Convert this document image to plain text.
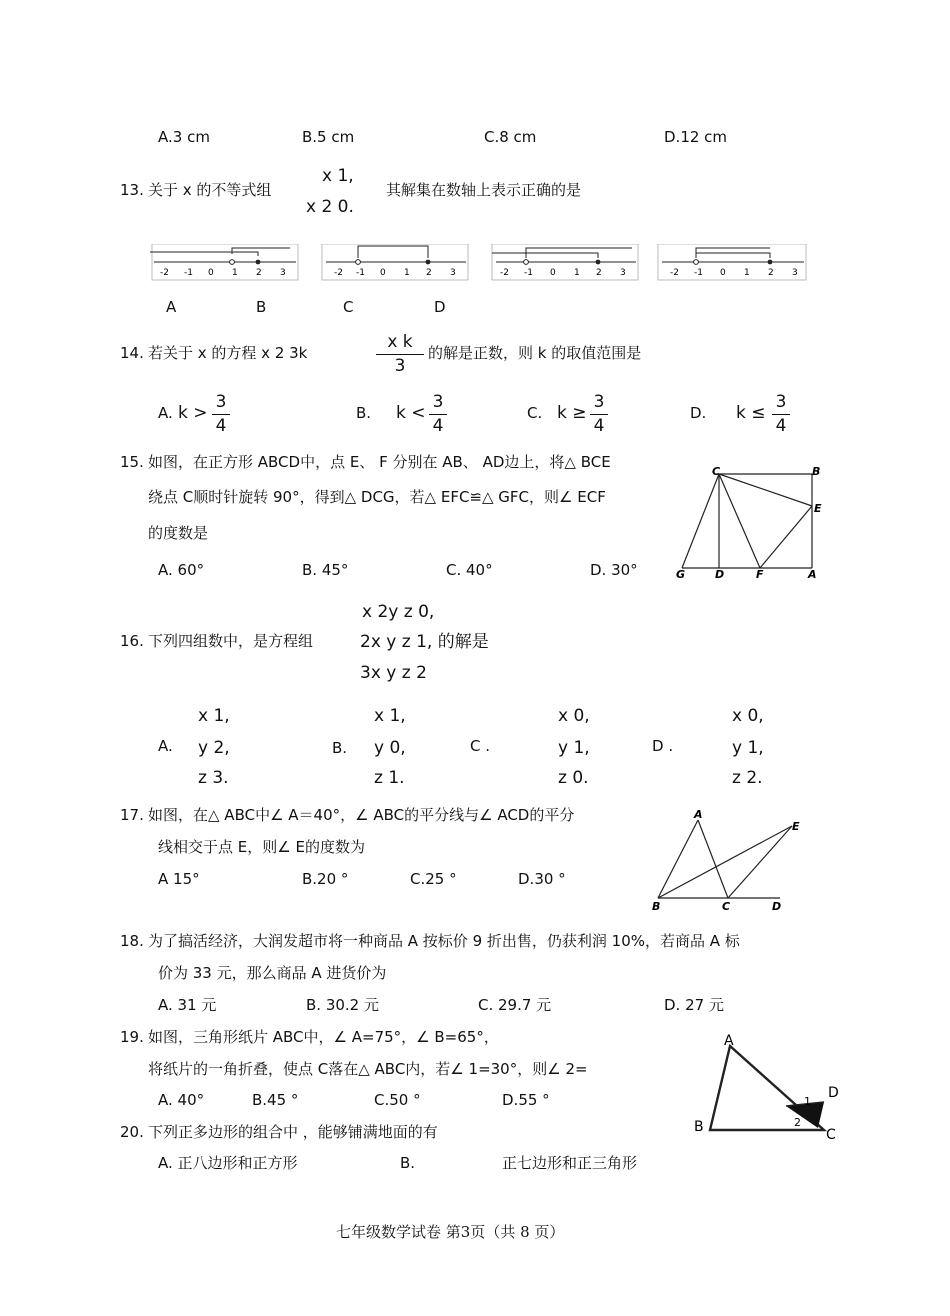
A.3 cm	B.5 cm	C.8 cm	D.12 cm
13. 关于 x 的不等式组
x 1,
x 2 0.
其解集在数轴上表示正确的是
-2 -1 0 1 2 3	-2 -1 0 1 2 3	-2 -1 0 1 2 3	-2 -1 0 1 2 3
A	B	C	D
14. 若关于 x 的方程 x 2 3k
x k
3
的解是正数，则 k 的取值范围是
A. k >
3
4
B. k <
3
4
C. k ≥
3
4
D. k ≤
3
4
15. 如图，在正方形 ABCD中，点 E、 F 分别在 AB、 AD边上，将△ BCE
绕点 C顺时针旋转 90°，得到△ DCG，若△ EFC≌△ GFC，则∠ ECF
的度数是
A. 60°	B. 45°	C. 40°	D. 30°
C	B
E
G	D	F	A
x 2y z 0,
16. 下列四组数中，是方程组	2x y z 1, 的解是
3x y z 2
A.
x 1,
y 2,
z 3.
B.
x 1,
y 0,
z 1.
C .
x 0,
y 1,
z 0.
D .
x 0,
y 1,
z 2.
17. 如图，在△ ABC中∠ A＝40°，∠ ABC的平分线与∠ ACD的平分
线相交于点 E，则∠ E的度数为
A 15°	B.20 °	C.25 °	D.30 °
A
E
B	C	D
18. 为了搞活经济，大润发超市将一种商品 A 按标价 9 折出售，仍获利润 10%，若商品 A 标
价为 33 元，那么商品 A 进货价为
A. 31 元	B. 30.2 元	C. 29.7 元	D. 27 元
19. 如图，三角形纸片 ABC中，∠ A=75°，∠ B=65°，
将纸片的一角折叠，使点 C落在△ ABC内，若∠ 1=30°，则∠ 2=
A. 40°	B.45 °	C.50 °	D.55 °
A
B	C
D
1
2
20. 下列正多边形的组合中 ，能够铺满地面的有
A. 正八边形和正方形	B.	正七边形和正三角形
七年级数学试卷 第3页（共 8 页）
